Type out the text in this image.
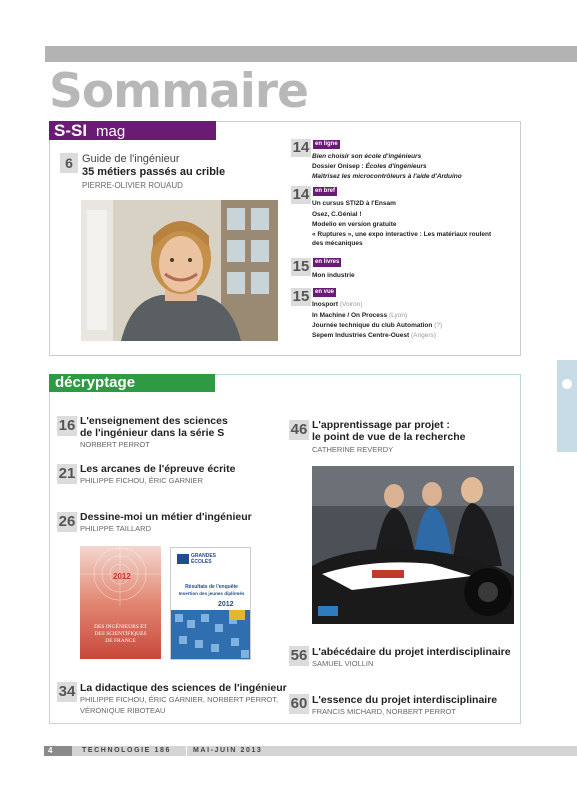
Sommaire
S-SI mag
6 Guide de l'ingénieur
35 métiers passés au crible
PIERRE-OLIVIER ROUAUD
14 en ligne
Bien choisir son école d'ingénieurs
Dossier Onisep : Écoles d'ingénieurs
Maîtrisez les microcontrôleurs à l'aide d'Arduino
14 en bref
Un cursus STI2D à l'Ensam
Osez, C.Génial !
Modelio en version gratuite
« Ruptures », une expo interactive : Les matériaux roulent
des mécaniques
15 en livres
Mon industrie
15 en vue
Inosport (Voiron)
In Machine / On Process (Lyon)
Journée technique du club Automation (?)
Sepem Industries Centre-Ouest (Angers)
décryptage
16 L'enseignement des sciences
de l'ingénieur dans la série S
NORBERT PERROT
21 Les arcanes de l'épreuve écrite
PHILIPPE FICHOU, ÉRIC GARNIER
26 Dessine-moi un métier d'ingénieur
PHILIPPE TAILLARD
2012
DES INGÉNIEURS ET
DES SCIENTIFIQUES
DE FRANCE
GRANDES
ÉCOLES
Résultats de l'enquête
Insertion des jeunes diplômés
2012
34 La didactique des sciences de l'ingénieur
PHILIPPE FICHOU, ÉRIC GARNIER, NORBERT PERROT,
VÉRONIQUE RIBOTEAU
46 L'apprentissage par projet :
le point de vue de la recherche
CATHERINE REVERDY
56 L'abécédaire du projet interdisciplinaire
SAMUEL VIOLLIN
60 L'essence du projet interdisciplinaire
FRANCIS MICHARD, NORBERT PERROT
4	TECHNOLOGIE 186	MAI-JUIN 2013
